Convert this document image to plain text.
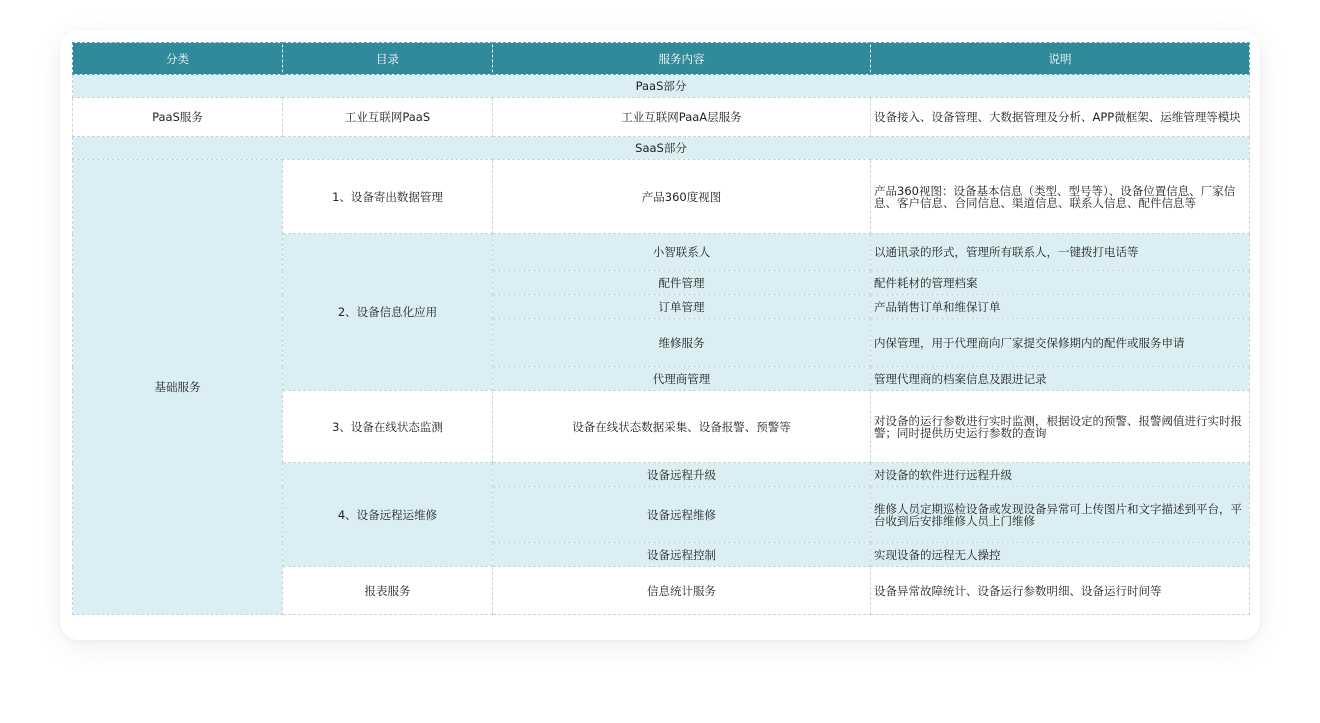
分类	目录	服务内容	说明
PaaS部分			
PaaS服务	工业互联网PaaS	工业互联网PaaA层服务	设备接入、设备管理、大数据管理及分析、APP微框架、运维管理等模块
SaaS部分			
基础服务	1、设备寄出数据管理	产品360度视图	产品360视图：设备基本信息（类型、型号等）、设备位置信息、厂家信息、客户信息、合同信息、渠道信息、联系人信息、配件信息等
	2、设备信息化应用	小智联系人	以通讯录的形式，管理所有联系人，一键拨打电话等
		配件管理	配件耗材的管理档案
		订单管理	产品销售订单和维保订单
		维修服务	内保管理，用于代理商向厂家提交保修期内的配件或服务申请
		代理商管理	管理代理商的档案信息及跟进记录
	3、设备在线状态监测	设备在线状态数据采集、设备报警、预警等	对设备的运行参数进行实时监测，根据设定的预警、报警阈值进行实时报警；同时提供历史运行参数的查询
	4、设备远程运维修	设备远程升级	对设备的软件进行远程升级
		设备远程维修	维修人员定期巡检设备或发现设备异常可上传图片和文字描述到平台，平台收到后安排维修人员上门维修
		设备远程控制	实现设备的远程无人操控
	报表服务	信息统计服务	设备异常故障统计、设备运行参数明细、设备运行时间等
